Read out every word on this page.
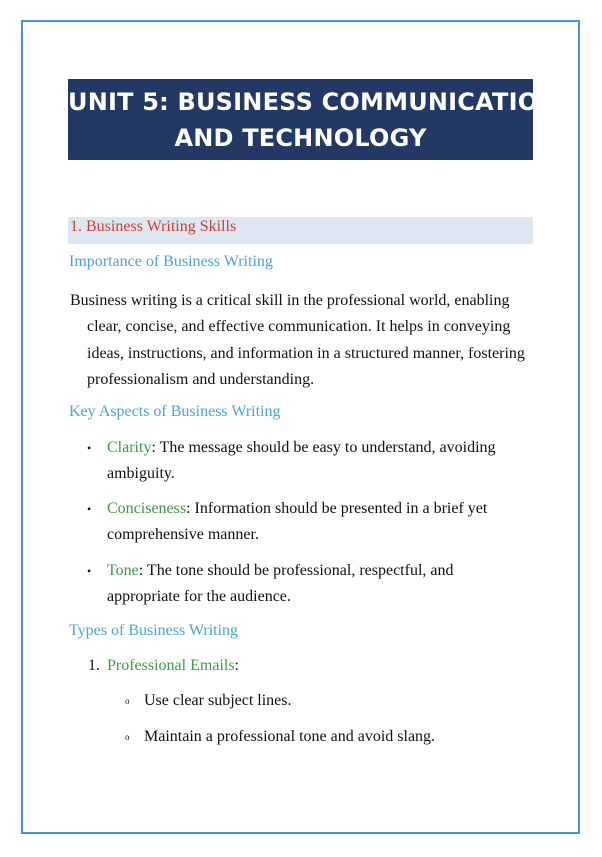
UNIT 5: BUSINESS COMMUNICATION
AND TECHNOLOGY
1. Business Writing Skills
Importance of Business Writing
Business writing is a critical skill in the professional world, enabling
clear, concise, and effective communication. It helps in conveying ideas, instructions, and information in a structured manner, fostering professionalism and understanding.
Key Aspects of Business Writing
• Clarity: The message should be easy to understand, avoiding ambiguity.
• Conciseness: Information should be presented in a brief yet comprehensive manner.
• Tone: The tone should be professional, respectful, and appropriate for the audience.
Types of Business Writing
1. Professional Emails:
o Use clear subject lines.
o Maintain a professional tone and avoid slang.
